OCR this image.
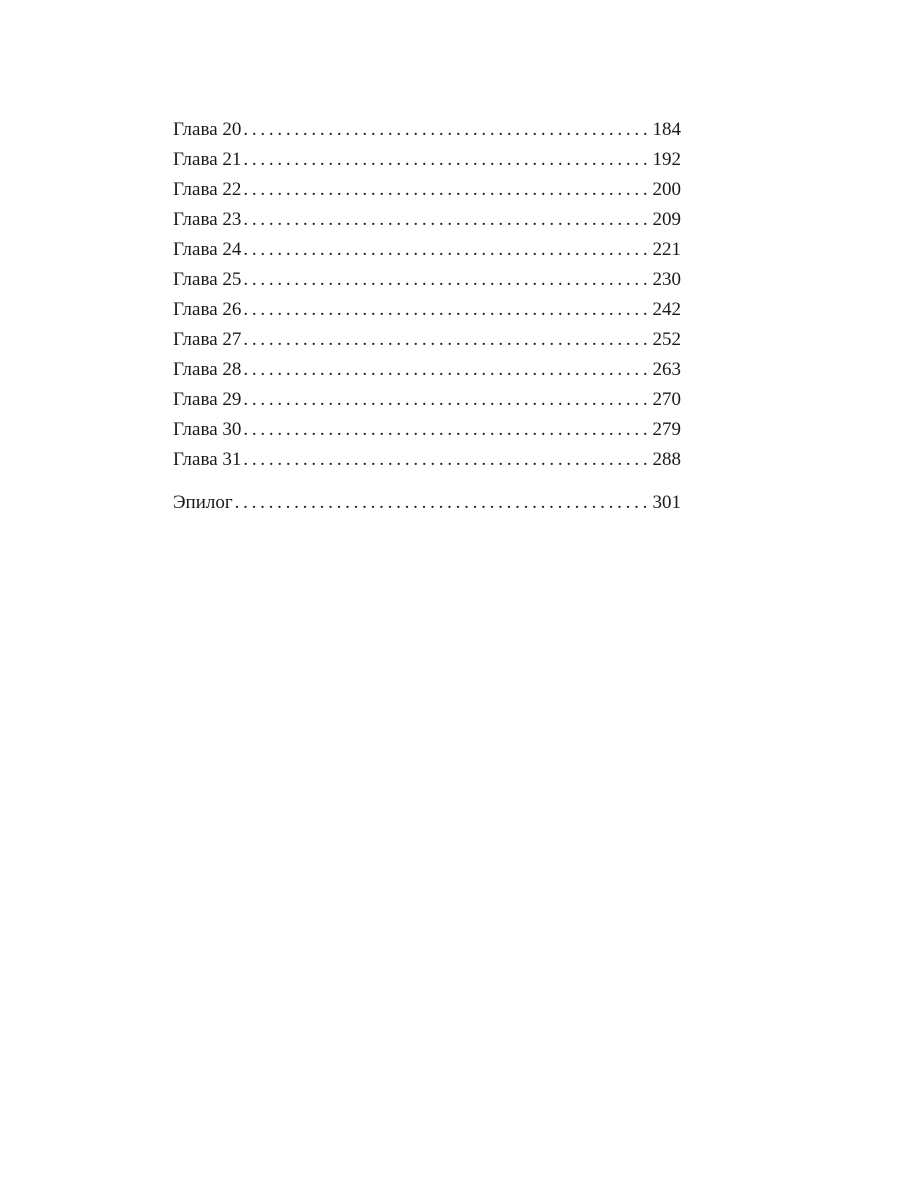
Глава 20 . . .	184
Глава 21 . . .	192
Глава 22 . . .	200
Глава 23 . . .	209
Глава 24 . . .	221
Глава 25 . . .	230
Глава 26 . . .	242
Глава 27 . . .	252
Глава 28 . . .	263
Глава 29 . . .	270
Глава 30 . . .	279
Глава 31 . . .	288
Эпилог . . .	301
